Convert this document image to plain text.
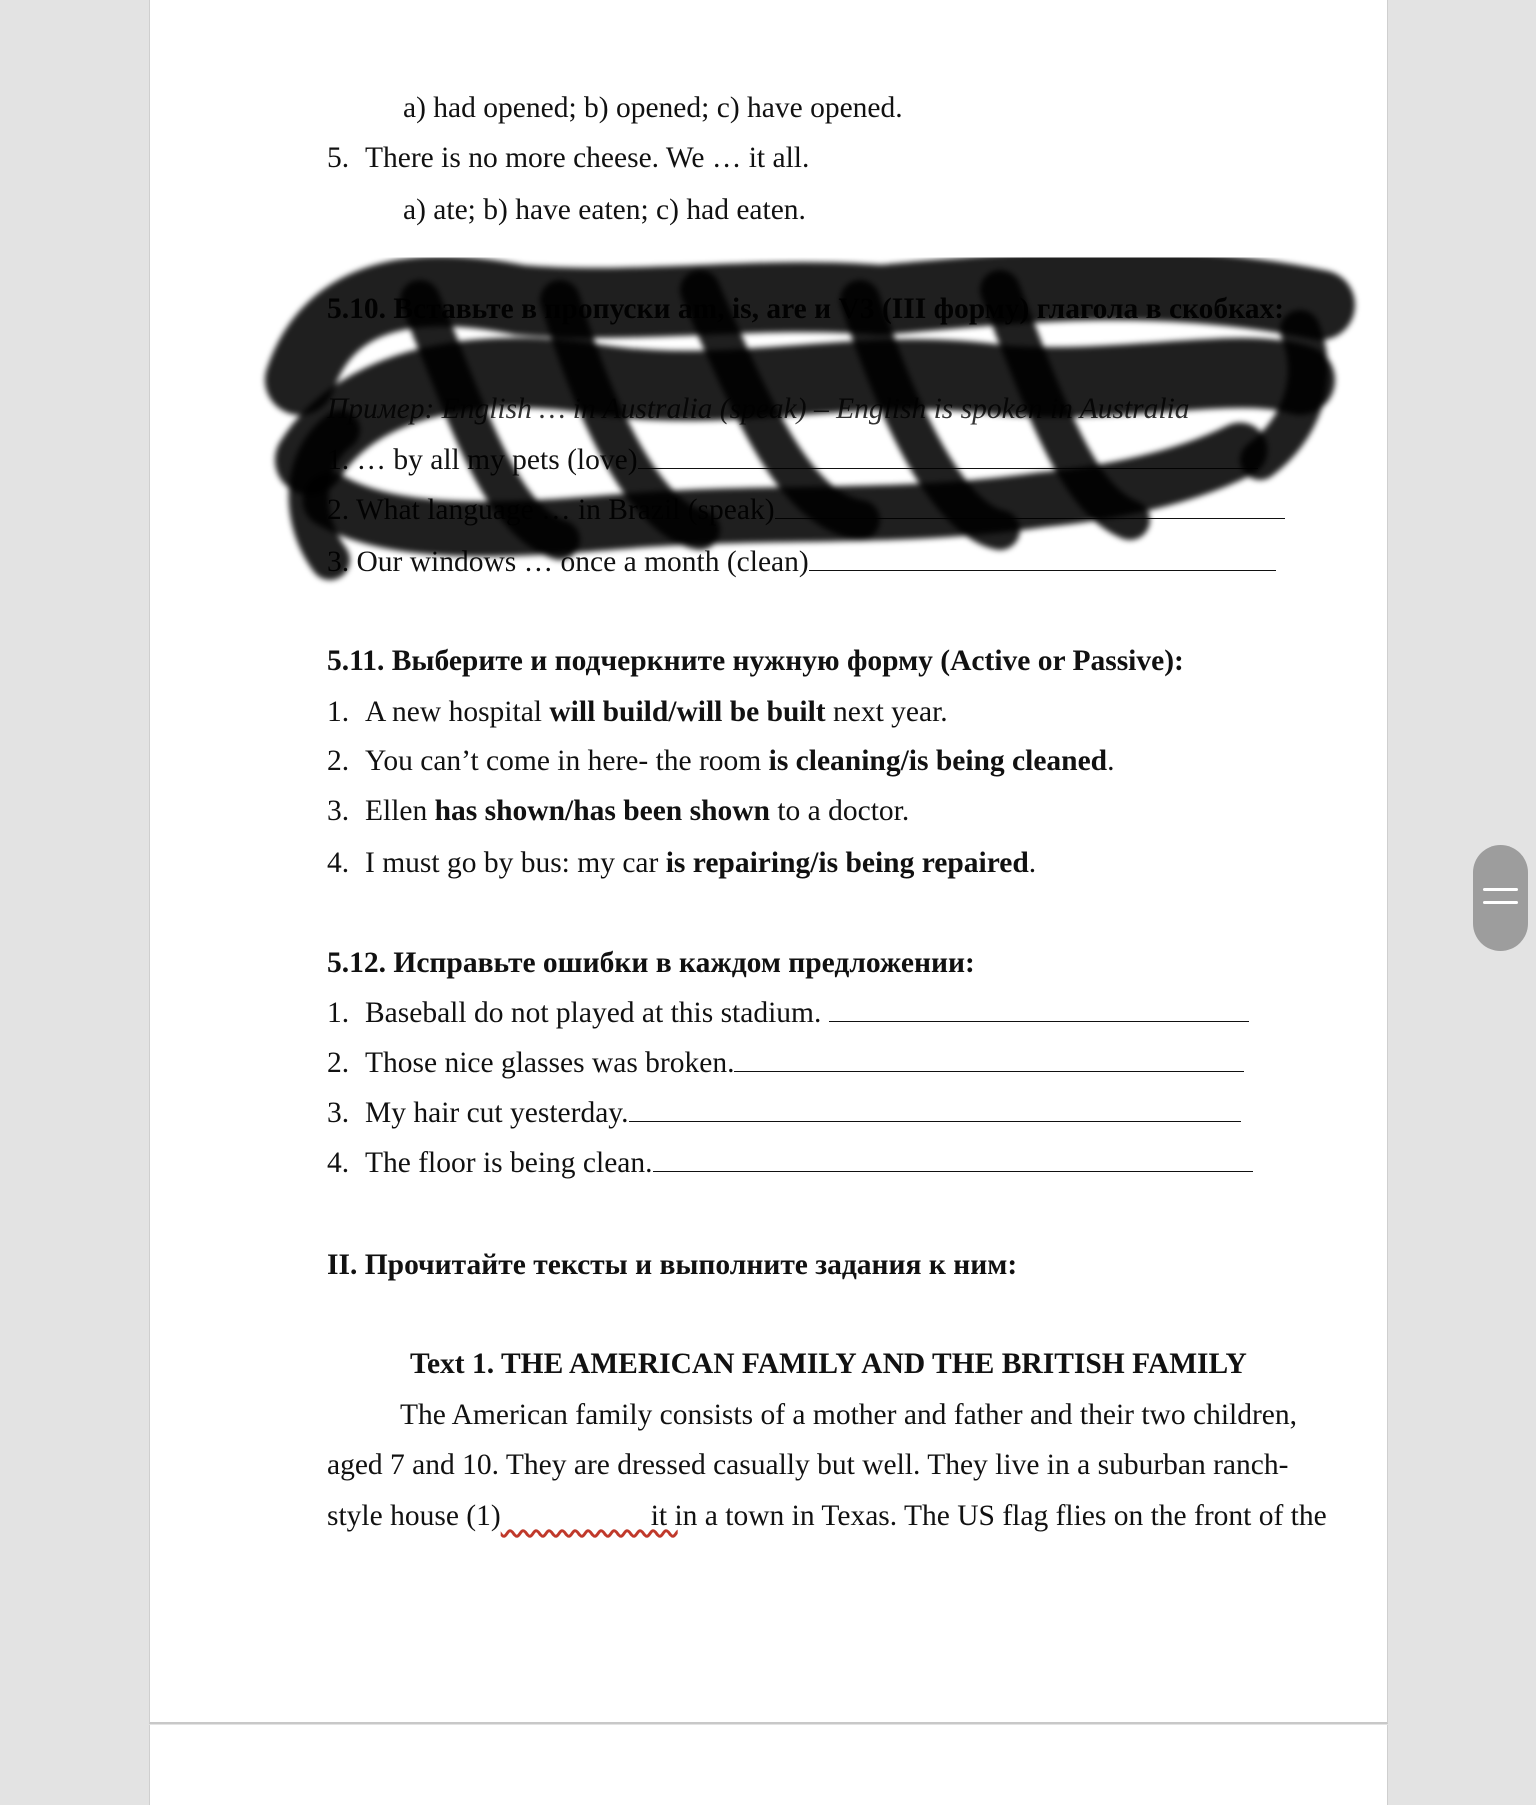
a) had opened; b) opened; c) have opened.
5. There is no more cheese. We … it all.
a) ate; b) have eaten; c) had eaten.
5.10. Вставьте в пропуски am, is, are и V3 (III форму) глагола в скобках:
Пример: English … in Australia (speak) – English is spoken in Australia
1. … by all my pets (love)
2. What language … in Brazil (speak)
3. Our windows … once a month (clean)
5.11. Выберите и подчеркните нужную форму (Active or Passive):
1. A new hospital will build/will be built next year.
2. You can’t come in here- the room is cleaning/is being cleaned.
3. Ellen has shown/has been shown to a doctor.
4. I must go by bus: my car is repairing/is being repaired.
5.12. Исправьте ошибки в каждом предложении:
1. Baseball do not played at this stadium.
2. Those nice glasses was broken.
3. My hair cut yesterday.
4. The floor is being clean.
II. Прочитайте тексты и выполните задания к ним:
Text 1. THE AMERICAN FAMILY AND THE BRITISH FAMILY
The American family consists of a mother and father and their two children,
aged 7 and 10. They are dressed casually but well. They live in a suburban ranch-
style house (1)	it in a town in Texas. The US flag flies on the front of the
